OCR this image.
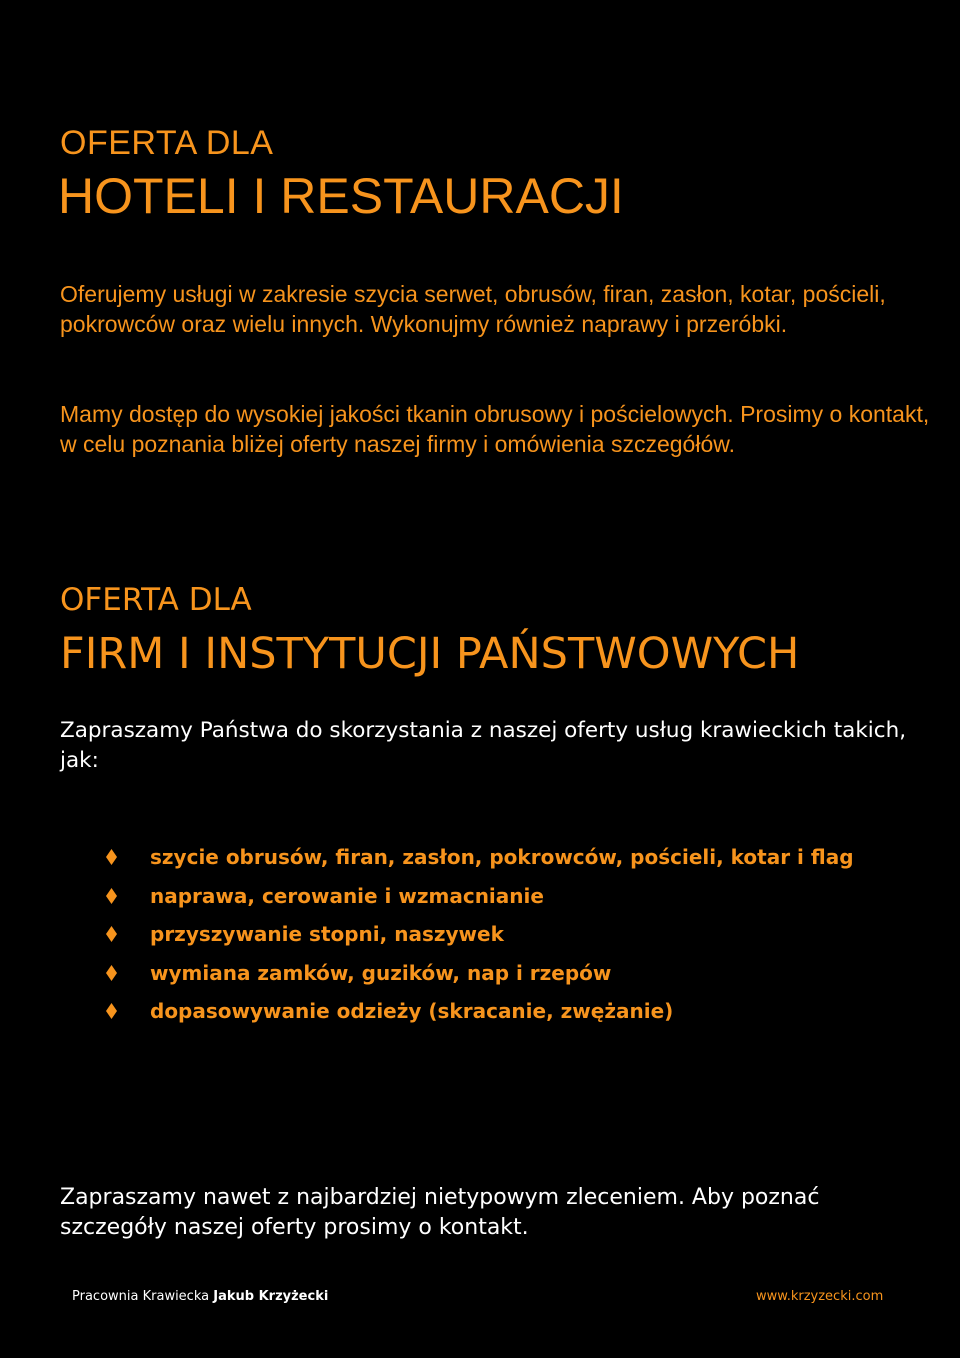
OFERTA DLA
HOTELI I RESTAURACJI

Oferujemy usługi w zakresie szycia serwet, obrusów, firan, zasłon, kotar, pościeli, pokrowców oraz wielu innych. Wykonujmy również naprawy i przeróbki.

Mamy dostęp do wysokiej jakości tkanin obrusowy i pościelowych. Prosimy o kontakt, w celu poznania bliżej oferty naszej firmy i omówienia szczegółów.

OFERTA DLA
FIRM I INSTYTUCJI PAŃSTWOWYCH
Zapraszamy Państwa do skorzystania z naszej oferty usług krawieckich takich, jak:
szycie obrusów, firan, zasłon, pokrowców, pościeli, kotar i flag
naprawa, cerowanie i wzmacnianie
przyszywanie stopni, naszywek
wymiana zamków, guzików, nap i rzepów
dopasowywanie odzieży (skracanie, zwężanie)
Zapraszamy nawet z najbardziej nietypowym zleceniem. Aby poznać szczegóły naszej oferty prosimy o kontakt.
Pracownia Krawiecka Jakub Krzyżecki	www.krzyzecki.com
